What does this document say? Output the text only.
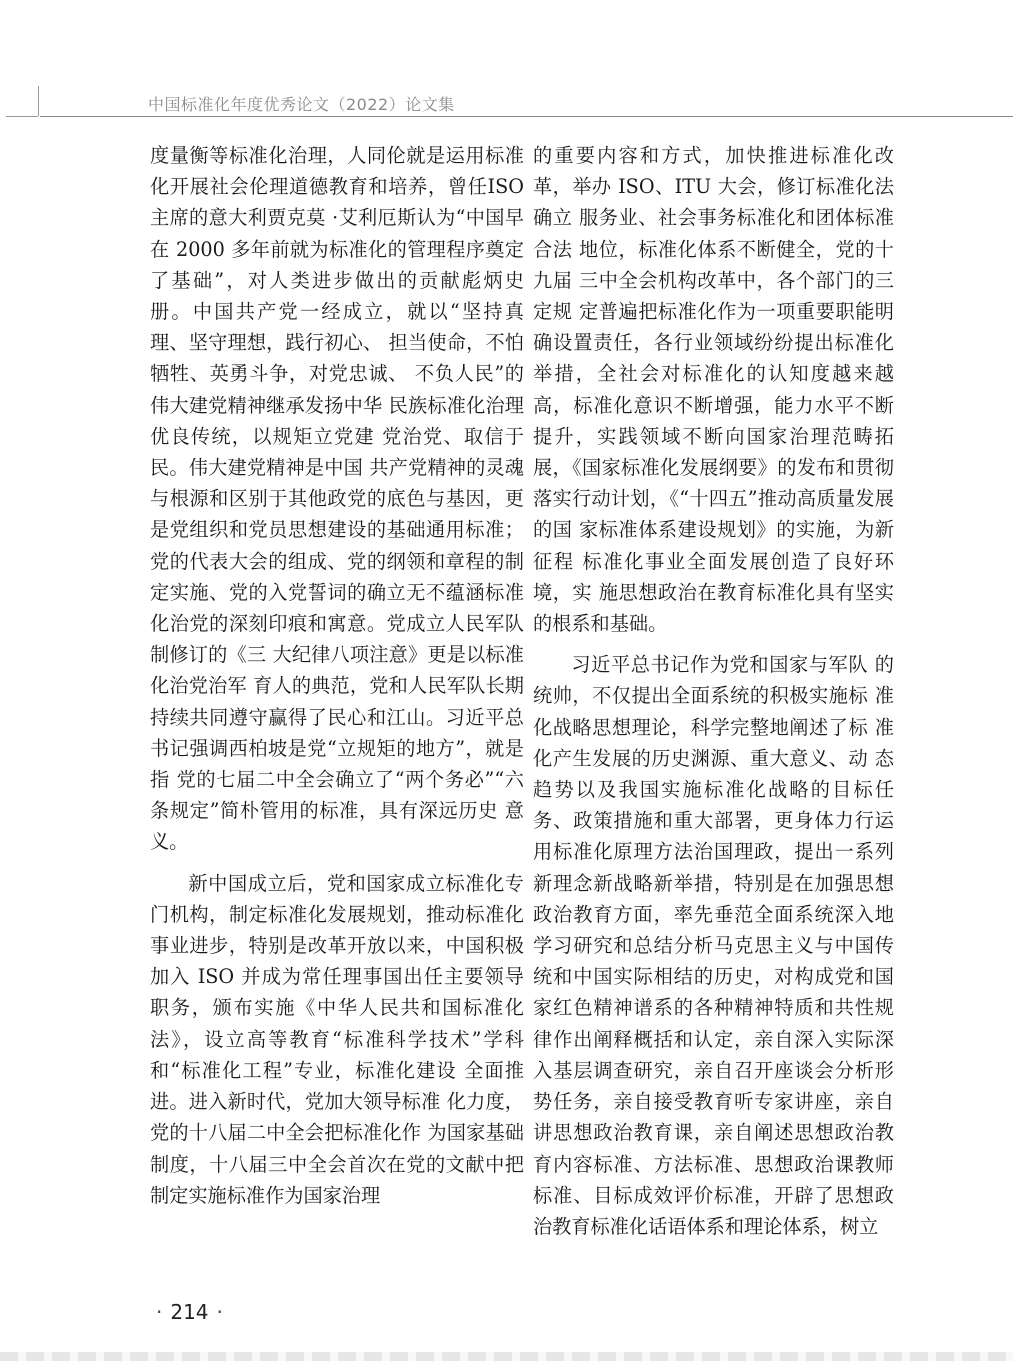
中国标准化年度优秀论文（2022）论文集

度量衡等标准化治理，人同伦就是运用标准化开展社会伦理道德教育和培养，曾任ISO 主席的意大利贾克莫 ·艾利厄斯认为“中国早在 2000 多年前就为标准化的管理程序奠定了基础”，对人类进步做出的贡献彪炳史册。中国共产党一经成立，就以“坚持真理、坚守理想，践行初心、 担当使命，不怕牺牲、英勇斗争，对党忠诚、 不负人民”的伟大建党精神继承发扬中华 民族标准化治理优良传统，以规矩立党建 党治党、取信于民。伟大建党精神是中国 共产党精神的灵魂与根源和区别于其他政党的底色与基因，更是党组织和党员思想建设的基础通用标准；党的代表大会的组成、党的纲领和章程的制定实施、党的入党誓词的确立无不蕴涵标准化治党的深刻印痕和寓意。党成立人民军队制修订的《三 大纪律八项注意》更是以标准化治党治军 育人的典范，党和人民军队长期持续共同遵守赢得了民心和江山。习近平总书记强调西柏坡是党“立规矩的地方”，就是指 党的七届二中全会确立了“两个务必”“六 条规定”简朴管用的标准，具有深远历史 意义。

新中国成立后，党和国家成立标准化专门机构，制定标准化发展规划，推动标准化事业进步，特别是改革开放以来，中国积极加入 ISO 并成为常任理事国出任主要领导职务，颁布实施《中华人民共和国标准化法》，设立高等教育“标准科学技术”学科和“标准化工程”专业，标准化建设 全面推进。进入新时代，党加大领导标准 化力度，党的十八届二中全会把标准化作 为国家基础制度，十八届三中全会首次在党的文献中把制定实施标准作为国家治理

的重要内容和方式，加快推进标准化改革，举办 ISO、ITU 大会，修订标准化法确立 服务业、社会事务标准化和团体标准合法 地位，标准化体系不断健全，党的十九届 三中全会机构改革中，各个部门的三定规 定普遍把标准化作为一项重要职能明确设置责任，各行业领域纷纷提出标准化举措，全社会对标准化的认知度越来越高，标准化意识不断增强，能力水平不断提升，实践领域不断向国家治理范畴拓展，《国家标准化发展纲要》的发布和贯彻落实行动计划，《“十四五”推动高质量发展的国 家标准体系建设规划》的实施，为新征程 标准化事业全面发展创造了良好环境，实 施思想政治在教育标准化具有坚实的根系和基础。

习近平总书记作为党和国家与军队 的统帅，不仅提出全面系统的积极实施标 准化战略思想理论，科学完整地阐述了标 准化产生发展的历史渊源、重大意义、动 态趋势以及我国实施标准化战略的目标任 务、政策措施和重大部署，更身体力行运 用标准化原理方法治国理政，提出一系列 新理念新战略新举措，特别是在加强思想 政治教育方面，率先垂范全面系统深入地 学习研究和总结分析马克思主义与中国传 统和中国实际相结的历史，对构成党和国 家红色精神谱系的各种精神特质和共性规 律作出阐释概括和认定，亲自深入实际深 入基层调查研究，亲自召开座谈会分析形 势任务，亲自接受教育听专家讲座，亲自 讲思想政治教育课，亲自阐述思想政治教 育内容标准、方法标准、思想政治课教师 标准、目标成效评价标准，开辟了思想政 治教育标准化话语体系和理论体系，树立

· 214 ·
